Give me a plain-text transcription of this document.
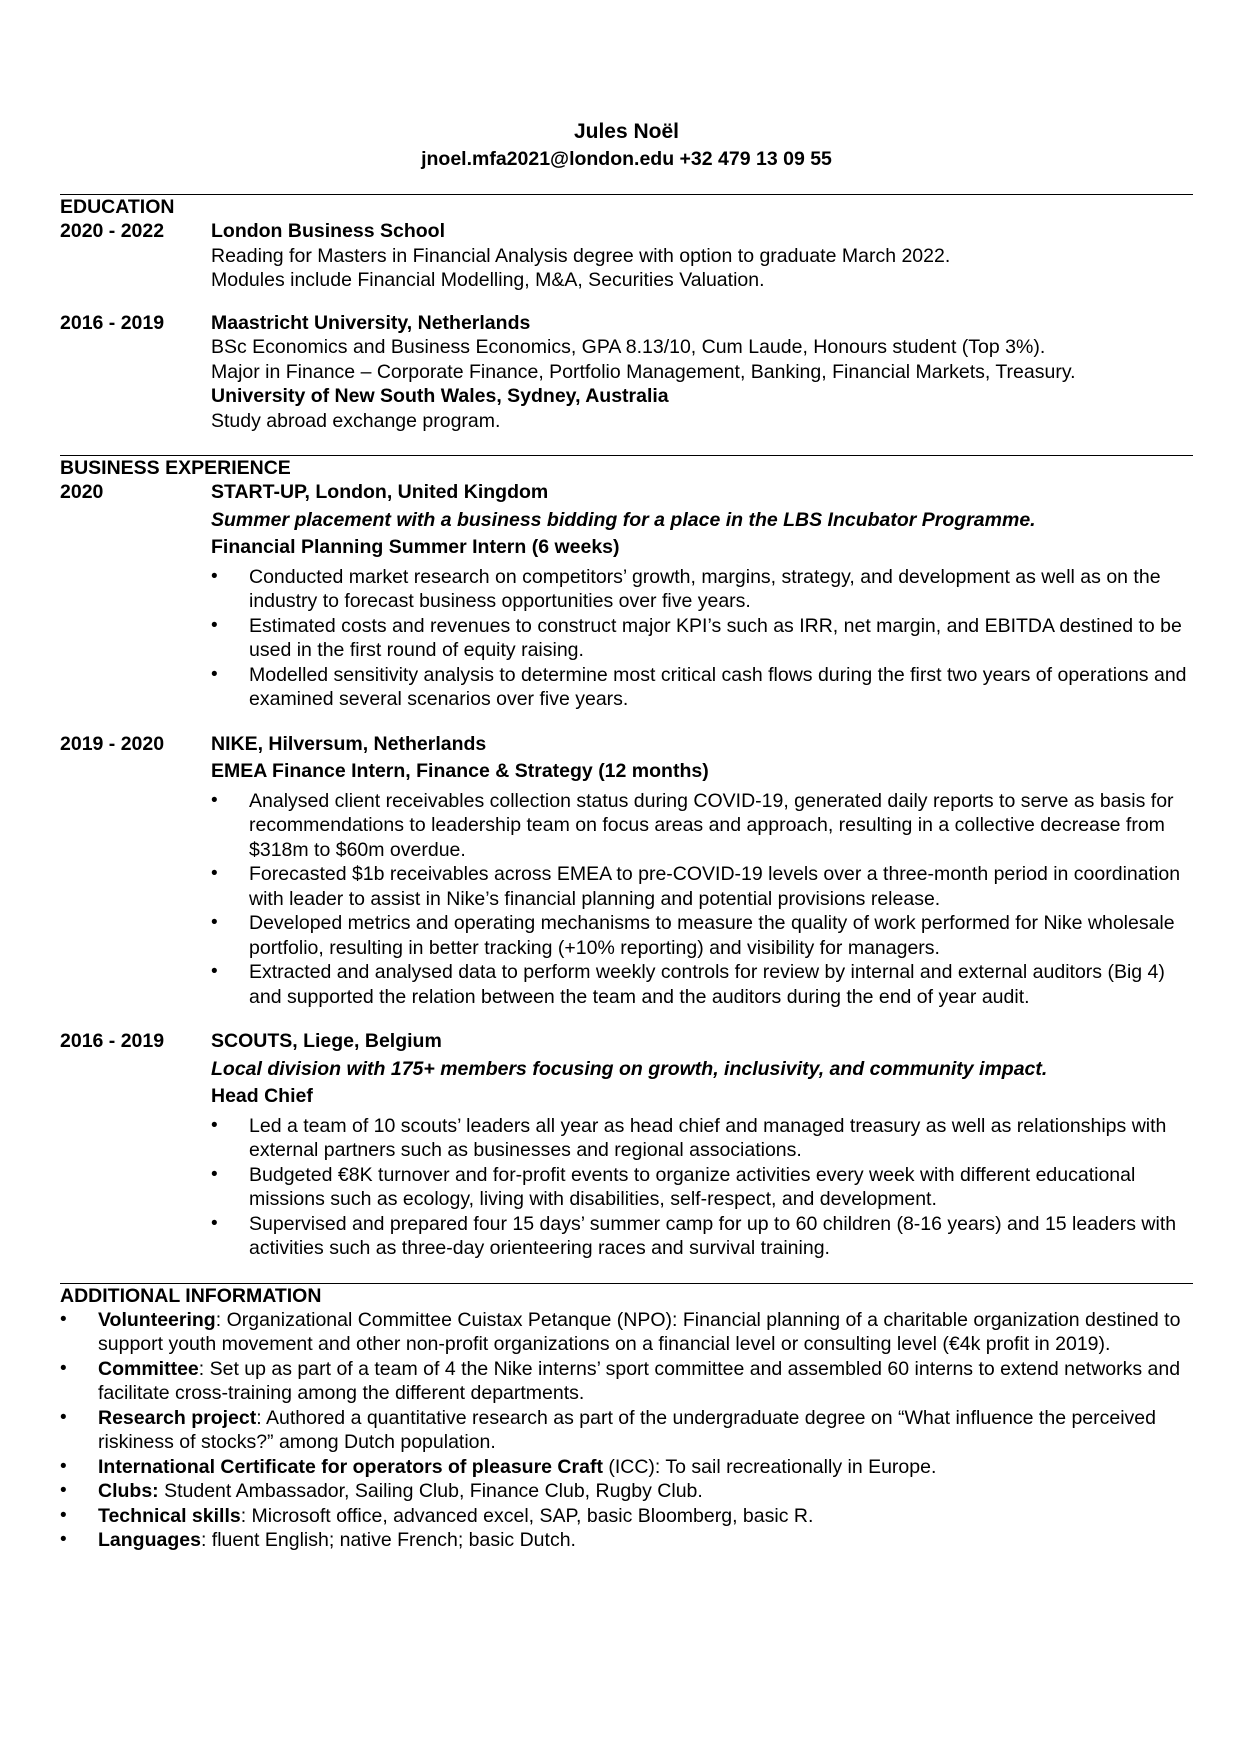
Jules Noël
jnoel.mfa2021@london.edu +32 479 13 09 55
EDUCATION
2020 - 2022	London Business School
Reading for Masters in Financial Analysis degree with option to graduate March 2022.
Modules include Financial Modelling, M&A, Securities Valuation.
2016 - 2019	Maastricht University, Netherlands
BSc Economics and Business Economics, GPA 8.13/10, Cum Laude, Honours student (Top 3%).
Major in Finance – Corporate Finance, Portfolio Management, Banking, Financial Markets, Treasury.
University of New South Wales, Sydney, Australia
Study abroad exchange program.
BUSINESS EXPERIENCE
2020	START-UP, London, United Kingdom
Summer placement with a business bidding for a place in the LBS Incubator Programme.
Financial Planning Summer Intern (6 weeks)
• Conducted market research on competitors’ growth, margins, strategy, and development as well as on the industry to forecast business opportunities over five years.
• Estimated costs and revenues to construct major KPI’s such as IRR, net margin, and EBITDA destined to be used in the first round of equity raising.
• Modelled sensitivity analysis to determine most critical cash flows during the first two years of operations and examined several scenarios over five years.
2019 - 2020	NIKE, Hilversum, Netherlands
EMEA Finance Intern, Finance & Strategy (12 months)
• Analysed client receivables collection status during COVID-19, generated daily reports to serve as basis for recommendations to leadership team on focus areas and approach, resulting in a collective decrease from $318m to $60m overdue.
• Forecasted $1b receivables across EMEA to pre-COVID-19 levels over a three-month period in coordination with leader to assist in Nike’s financial planning and potential provisions release.
• Developed metrics and operating mechanisms to measure the quality of work performed for Nike wholesale portfolio, resulting in better tracking (+10% reporting) and visibility for managers.
• Extracted and analysed data to perform weekly controls for review by internal and external auditors (Big 4) and supported the relation between the team and the auditors during the end of year audit.
2016 - 2019	SCOUTS, Liege, Belgium
Local division with 175+ members focusing on growth, inclusivity, and community impact.
Head Chief
• Led a team of 10 scouts’ leaders all year as head chief and managed treasury as well as relationships with external partners such as businesses and regional associations.
• Budgeted €8K turnover and for-profit events to organize activities every week with different educational missions such as ecology, living with disabilities, self-respect, and development.
• Supervised and prepared four 15 days’ summer camp for up to 60 children (8-16 years) and 15 leaders with activities such as three-day orienteering races and survival training.
ADDITIONAL INFORMATION
• Volunteering: Organizational Committee Cuistax Petanque (NPO): Financial planning of a charitable organization destined to support youth movement and other non-profit organizations on a financial level or consulting level (€4k profit in 2019).
• Committee: Set up as part of a team of 4 the Nike interns’ sport committee and assembled 60 interns to extend networks and facilitate cross-training among the different departments.
• Research project: Authored a quantitative research as part of the undergraduate degree on “What influence the perceived riskiness of stocks?” among Dutch population.
• International Certificate for operators of pleasure Craft (ICC): To sail recreationally in Europe.
• Clubs: Student Ambassador, Sailing Club, Finance Club, Rugby Club.
• Technical skills: Microsoft office, advanced excel, SAP, basic Bloomberg, basic R.
• Languages: fluent English; native French; basic Dutch.
